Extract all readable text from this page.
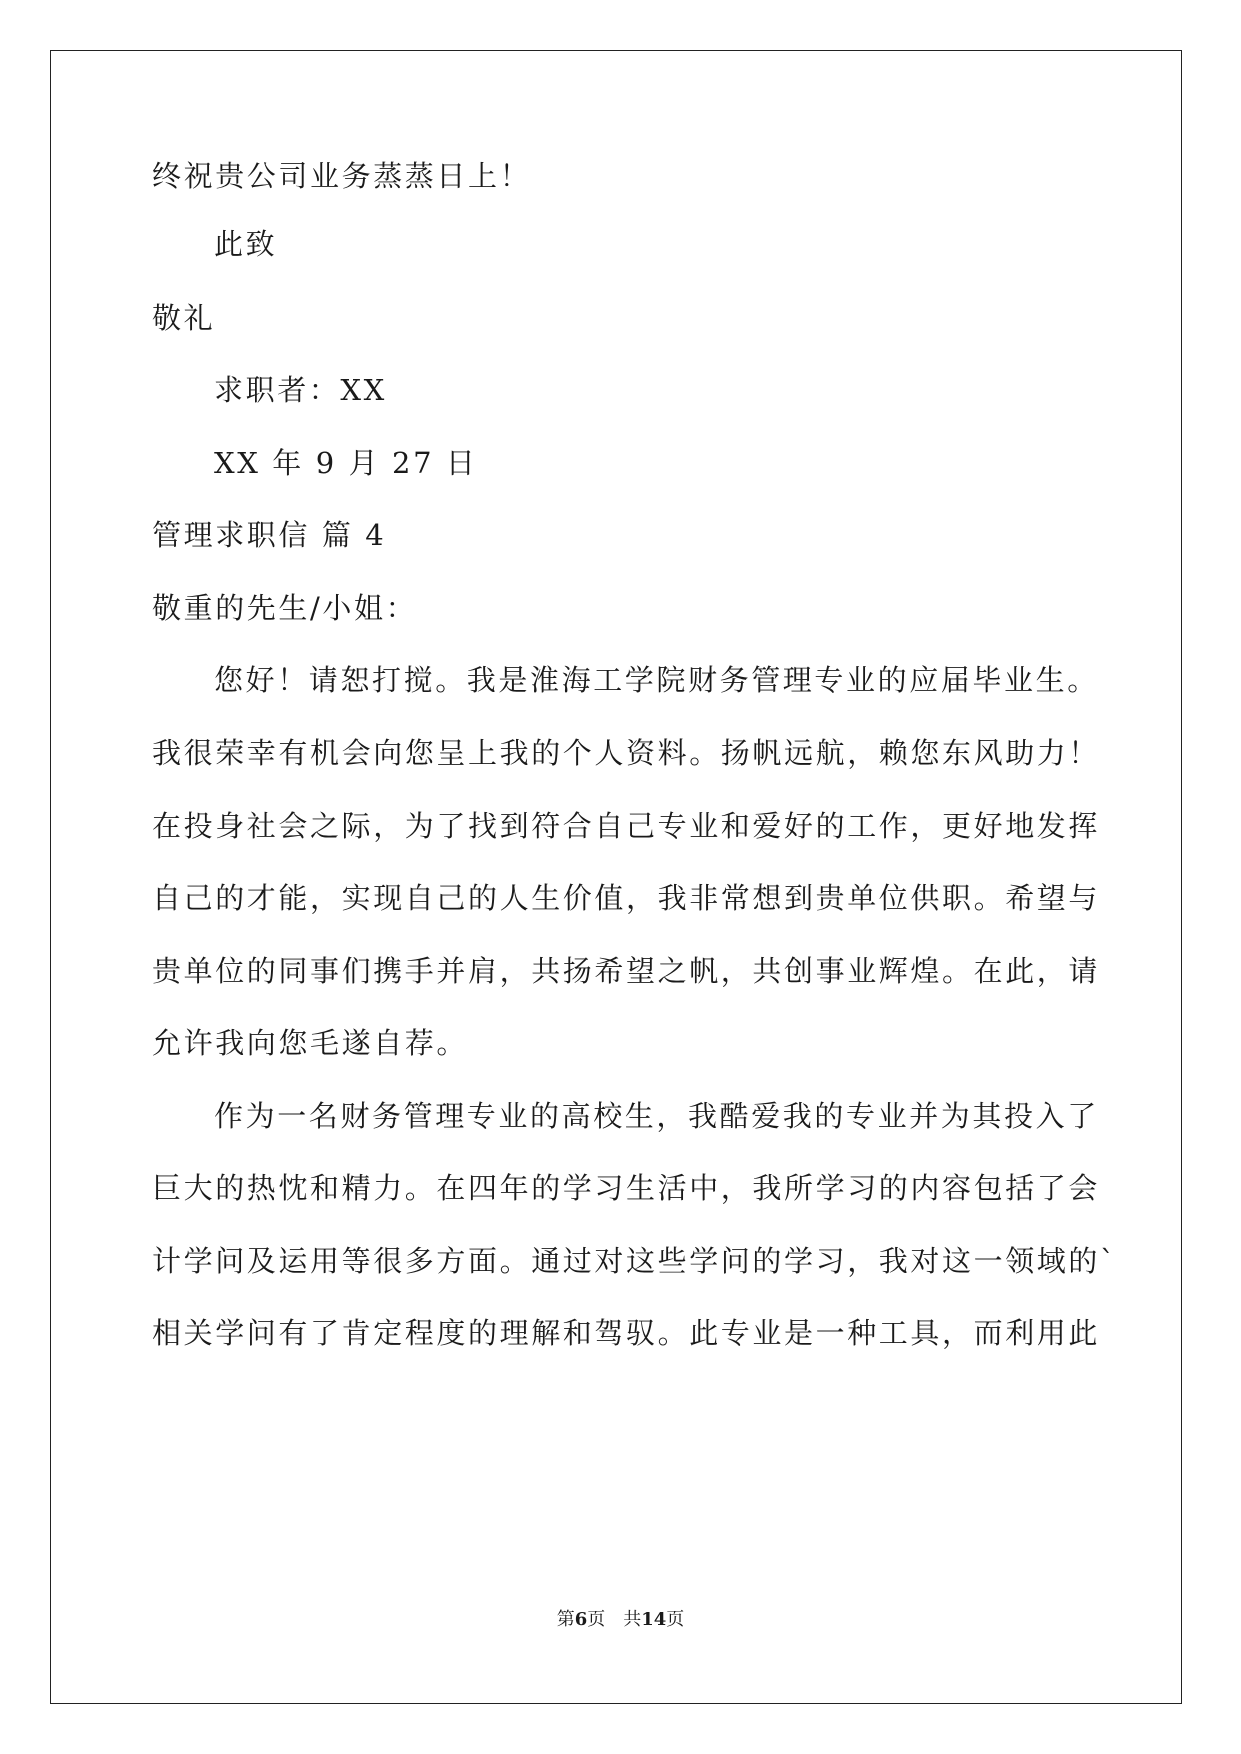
终祝贵公司业务蒸蒸日上！
此致
敬礼
求职者：XX
XX 年 9 月 27 日
管理求职信 篇 4
敬重的先生/小姐：
您好！请恕打搅。我是淮海工学院财务管理专业的应届毕业生。
我很荣幸有机会向您呈上我的个人资料。扬帆远航，赖您东风助力！
在投身社会之际，为了找到符合自己专业和爱好的工作，更好地发挥
自己的才能，实现自己的人生价值，我非常想到贵单位供职。希望与
贵单位的同事们携手并肩，共扬希望之帆，共创事业辉煌。在此，请
允许我向您毛遂自荐。
作为一名财务管理专业的高校生，我酷爱我的专业并为其投入了
巨大的热忱和精力。在四年的学习生活中，我所学习的内容包括了会
计学问及运用等很多方面。通过对这些学问的学习，我对这一领域的`
相关学问有了肯定程度的理解和驾驭。此专业是一种工具，而利用此
第6页　共14页
